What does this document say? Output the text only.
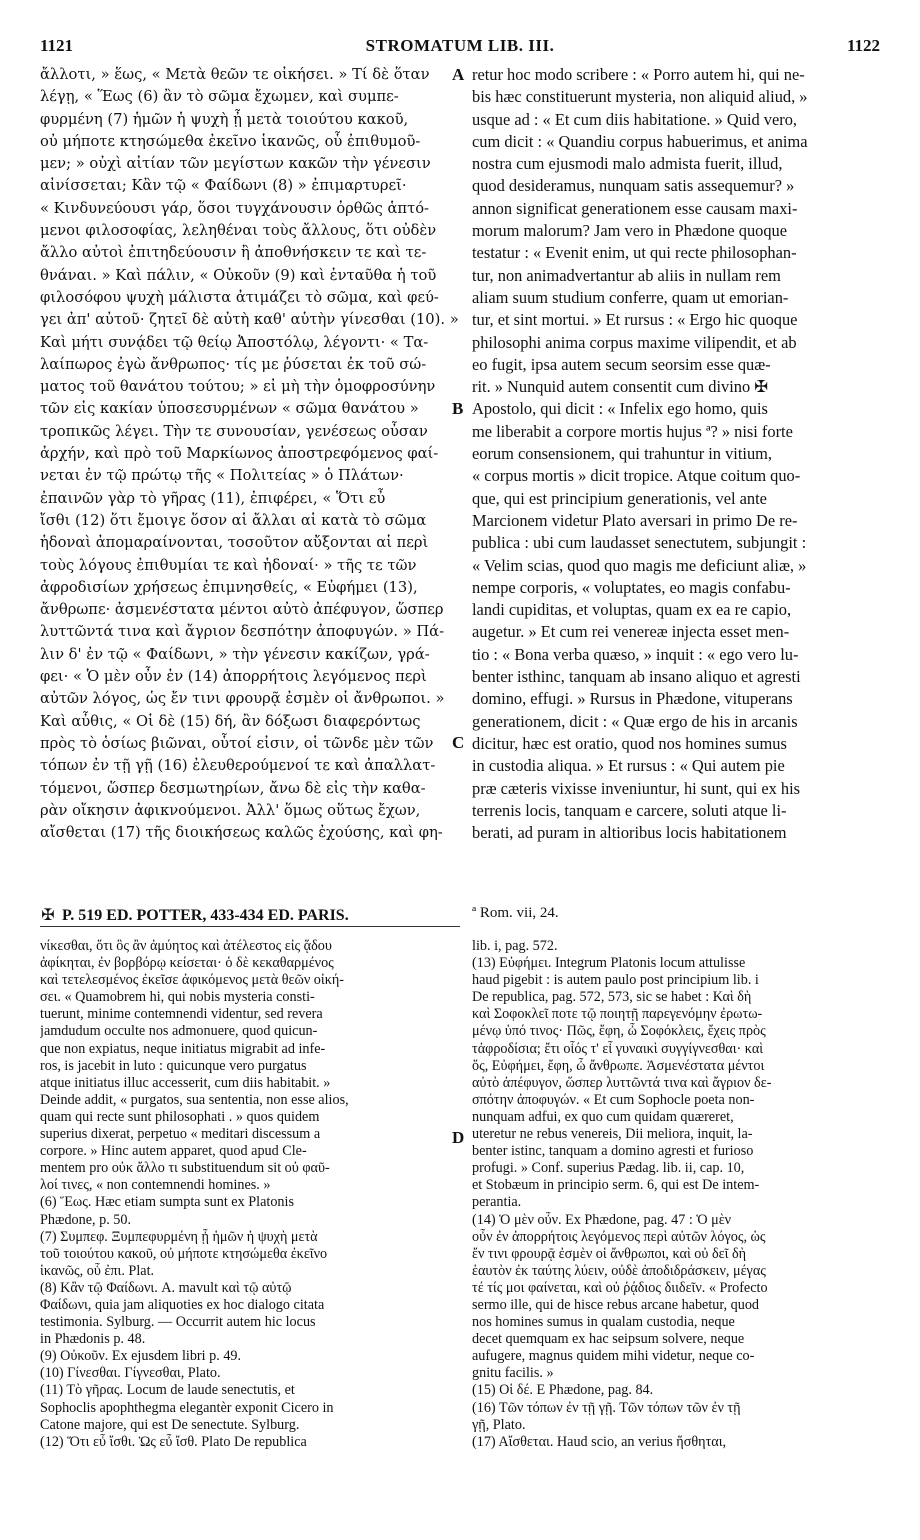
1121	STROMATUM LIB. III.	1122
ἄλλοτι, » ἕως, « Μετὰ θεῶν τε οἰκήσει. » Τί δὲ ὅταν
λέγῃ, « Ἕως (6) ἂν τὸ σῶμα ἔχωμεν, καὶ συμπε-
φυρμένη (7) ἡμῶν ἡ ψυχὴ ᾖ μετὰ τοιούτου κακοῦ,
οὐ μήποτε κτησώμεθα ἐκεῖνο ἱκανῶς, οὗ ἐπιθυμοῦ-
μεν; » οὐχὶ αἰτίαν τῶν μεγίστων κακῶν τὴν γένεσιν
αἰνίσσεται; Κἂν τῷ « Φαίδωνι (8) » ἐπιμαρτυρεῖ·
« Κινδυνεύουσι γάρ, ὅσοι τυγχάνουσιν ὀρθῶς ἁπτό-
μενοι φιλοσοφίας, λεληθέναι τοὺς ἄλλους, ὅτι οὐδὲν
ἄλλο αὐτοὶ ἐπιτηδεύουσιν ἢ ἀποθνήσκειν τε καὶ τε-
θνάναι. » Καὶ πάλιν, « Οὐκοῦν (9) καὶ ἐνταῦθα ἡ τοῦ
φιλοσόφου ψυχὴ μάλιστα ἀτιμάζει τὸ σῶμα, καὶ φεύ-
γει ἀπ' αὐτοῦ· ζητεῖ δὲ αὐτὴ καθ' αὑτὴν γίνεσθαι (10). »
Καὶ μήτι συνᾴδει τῷ θείῳ Ἀποστόλῳ, λέγοντι· « Τα-
λαίπωρος ἐγὼ ἄνθρωπος· τίς με ῥύσεται ἐκ τοῦ σώ-
ματος τοῦ θανάτου τούτου; » εἰ μὴ τὴν ὁμοφροσύνην
τῶν εἰς κακίαν ὑποσεσυρμένων « σῶμα θανάτου »
τροπικῶς λέγει. Τὴν τε συνουσίαν, γενέσεως οὖσαν
ἀρχήν, καὶ πρὸ τοῦ Μαρκίωνος ἀποστρεφόμενος φαί-
νεται ἐν τῷ πρώτῳ τῆς « Πολιτείας » ὁ Πλάτων·
ἐπαινῶν γὰρ τὸ γῆρας (11), ἐπιφέρει, « Ὅτι εὖ
ἴσθι (12) ὅτι ἔμοιγε ὅσον αἱ ἄλλαι αἱ κατὰ τὸ σῶμα
ἡδοναὶ ἀπομαραίνονται, τοσοῦτον αὔξονται αἱ περὶ
τοὺς λόγους ἐπιθυμίαι τε καὶ ἡδοναί· » τῆς τε τῶν
ἀφροδισίων χρήσεως ἐπιμνησθείς, « Εὐφήμει (13),
ἄνθρωπε· ἀσμενέστατα μέντοι αὐτὸ ἀπέφυγον, ὥσπερ
λυττῶντά τινα καὶ ἄγριον δεσπότην ἀποφυγών. » Πά-
λιν δ' ἐν τῷ « Φαίδωνι, » τὴν γένεσιν κακίζων, γρά-
φει· « Ὁ μὲν οὖν ἐν (14) ἀπορρήτοις λεγόμενος περὶ
αὐτῶν λόγος, ὡς ἔν τινι φρουρᾷ ἐσμὲν οἱ ἄνθρωποι. »
Καὶ αὖθις, « Οἱ δὲ (15) δή, ἂν δόξωσι διαφερόντως
πρὸς τὸ ὁσίως βιῶναι, οὗτοί εἰσιν, οἱ τῶνδε μὲν τῶν
τόπων ἐν τῇ γῇ (16) ἐλευθερούμενοί τε καὶ ἀπαλλατ-
τόμενοι, ὥσπερ δεσμωτηρίων, ἄνω δὲ εἰς τὴν καθα-
ρὰν οἴκησιν ἀφικνούμενοι. Ἀλλ' ὅμως οὕτως ἔχων,
αἴσθεται (17) τῆς διοικήσεως καλῶς ἐχούσης, καὶ φη-
retur hoc modo scribere : « Porro autem hi, qui ne-
bis hæc constituerunt mysteria, non aliquid aliud, »
usque ad : « Et cum diis habitatione. » Quid vero,
cum dicit : « Quandiu corpus habuerimus, et anima
nostra cum ejusmodi malo admista fuerit, illud,
quod desideramus, nunquam satis assequemur? »
annon significat generationem esse causam maxi-
morum malorum? Jam vero in Phædone quoque
testatur : « Evenit enim, ut qui recte philosophan-
tur, non animadvertantur ab aliis in nullam rem
aliam suum studium conferre, quam ut emorian-
tur, et sint mortui. » Et rursus : « Ergo hic quoque
philosophi anima corpus maxime vilipendit, et ab
eo fugit, ipsa autem secum seorsim esse quæ-
rit. » Nunquid autem consentit cum divino ✠
Apostolo, qui dicit : « Infelix ego homo, quis
me liberabit a corpore mortis hujus ª? » nisi forte
eorum consensionem, qui trahuntur in vitium,
« corpus mortis » dicit tropice. Atque coitum quo-
que, qui est principium generationis, vel ante
Marcionem videtur Plato aversari in primo De re-
publica : ubi cum laudasset senectutem, subjungit :
« Velim scias, quod quo magis me deficiunt aliæ, »
nempe corporis, « voluptates, eo magis confabu-
landi cupiditas, et voluptas, quam ex ea re capio,
augetur. » Et cum rei venereæ injecta esset men-
tio : « Bona verba quæso, » inquit : « ego vero lu-
benter isthinc, tanquam ab insano aliquo et agresti
domino, effugi. » Rursus in Phædone, vituperans
generationem, dicit : « Quæ ergo de his in arcanis
dicitur, hæc est oratio, quod nos homines sumus
in custodia aliqua. » Et rursus : « Qui autem pie
præ cæteris vixisse inveniuntur, hi sunt, qui ex his
terrenis locis, tanquam e carcere, soluti atque li-
berati, ad puram in altioribus locis habitationem
A
B
C
D
✠ P. 519 ED. POTTER, 433-434 ED. PARIS.	ª Rom. vii, 24.
νίκεσθαι, ὅτι ὃς ἂν ἀμύητος καὶ ἀτέλεστος εἰς ᾅδου
ἀφίκηται, ἐν βορβόρῳ κείσεται· ὁ δὲ κεκαθαρμένος
καὶ τετελεσμένος ἐκεῖσε ἀφικόμενος μετὰ θεῶν οἰκή-
σει. « Quamobrem hi, qui nobis mysteria consti-
tuerunt, minime contemnendi videntur, sed revera
jamdudum occulte nos admonuere, quod quicun-
que non expiatus, neque initiatus migrabit ad infe-
ros, is jacebit in luto : quicunque vero purgatus
atque initiatus illuc accesserit, cum diis habitabit. »
Deinde addit, « purgatos, sua sententia, non esse alios,
quam qui recte sunt philosophati . » quos quidem
superius dixerat, perpetuo « meditari discessum a
corpore. » Hinc autem apparet, quod apud Cle-
mentem pro οὐκ ἄλλο τι substituendum sit οὐ φαῦ-
λοί τινες, « non contemnendi homines. »
(6) Ἕως. Hæc etiam sumpta sunt ex Platonis
Phædone, p. 50.
(7) Συμπεφ. Ξυμπεφυρμένη ᾖ ἡμῶν ἡ ψυχὴ μετὰ
τοῦ τοιούτου κακοῦ, οὐ μήποτε κτησώμεθα ἐκεῖνο
ἱκανῶς, οὗ ἐπι. Plat.
(8) Κἂν τῷ Φαίδωνι. A. mavult καὶ τῷ αὐτῷ
Φαίδωνι, quia jam aliquoties ex hoc dialogo citata
testimonia. Sylburg. — Occurrit autem hic locus
in Phædonis p. 48.
(9) Οὐκοῦν. Ex ejusdem libri p. 49.
(10) Γίνεσθαι. Γίγνεσθαι, Plato.
(11) Τὸ γῆρας. Locum de laude senectutis, et
Sophoclis apophthegma elegantèr exponit Cicero in
Catone majore, qui est De senectute. Sylburg.
(12) Ὅτι εὖ ἴσθι. Ὡς εὖ ἴσθ. Plato De republica
lib. i, pag. 572.
(13) Εὐφήμει. Integrum Platonis locum attulisse
haud pigebit : is autem paulo post principium lib. i
De republica, pag. 572, 573, sic se habet : Καὶ δὴ
καὶ Σοφοκλεῖ ποτε τῷ ποιητῇ παρεγενόμην ἐρωτω-
μένῳ ὑπό τινος· Πῶς, ἔφη, ὦ Σοφόκλεις, ἔχεις πρὸς
τἀφροδίσια; ἔτι οἷός τ' εἶ γυναικὶ συγγίγνεσθαι· καὶ
ὅς, Εὐφήμει, ἔφη, ὦ ἄνθρωπε. Ἀσμενέστατα μέντοι
αὐτὸ ἀπέφυγον, ὥσπερ λυττῶντά τινα καὶ ἄγριον δε-
σπότην ἀποφυγών. « Et cum Sophocle poeta non-
nunquam adfui, ex quo cum quidam quæreret,
uteretur ne rebus venereis, Dii meliora, inquit, la-
benter istinc, tanquam a domino agresti et furioso
profugi. » Conf. superius Pædag. lib. ii, cap. 10,
et Stobæum in principio serm. 6, qui est De intem-
perantia.
(14) Ὁ μὲν οὖν. Ex Phædone, pag. 47 : Ὁ μὲν
οὖν ἐν ἀπορρήτοις λεγόμενος περὶ αὐτῶν λόγος, ὡς
ἔν τινι φρουρᾷ ἐσμὲν οἱ ἄνθρωποι, καὶ οὐ δεῖ δὴ
ἑαυτὸν ἐκ ταύτης λύειν, οὐδὲ ἀποδιδράσκειν, μέγας
τέ τίς μοι φαίνεται, καὶ οὐ ῥᾴδιος διιδεῖν. « Profecto
sermo ille, qui de hisce rebus arcane habetur, quod
nos homines sumus in qualam custodia, neque
decet quemquam ex hac seipsum solvere, neque
aufugere, magnus quidem mihi videtur, neque co-
gnitu facilis. »
(15) Οἱ δέ. E Phædone, pag. 84.
(16) Τῶν τόπων ἐν τῇ γῇ. Τῶν τόπων τῶν ἐν τῇ
γῇ, Plato.
(17) Αἴσθεται. Haud scio, an verius ἥσθηται,
